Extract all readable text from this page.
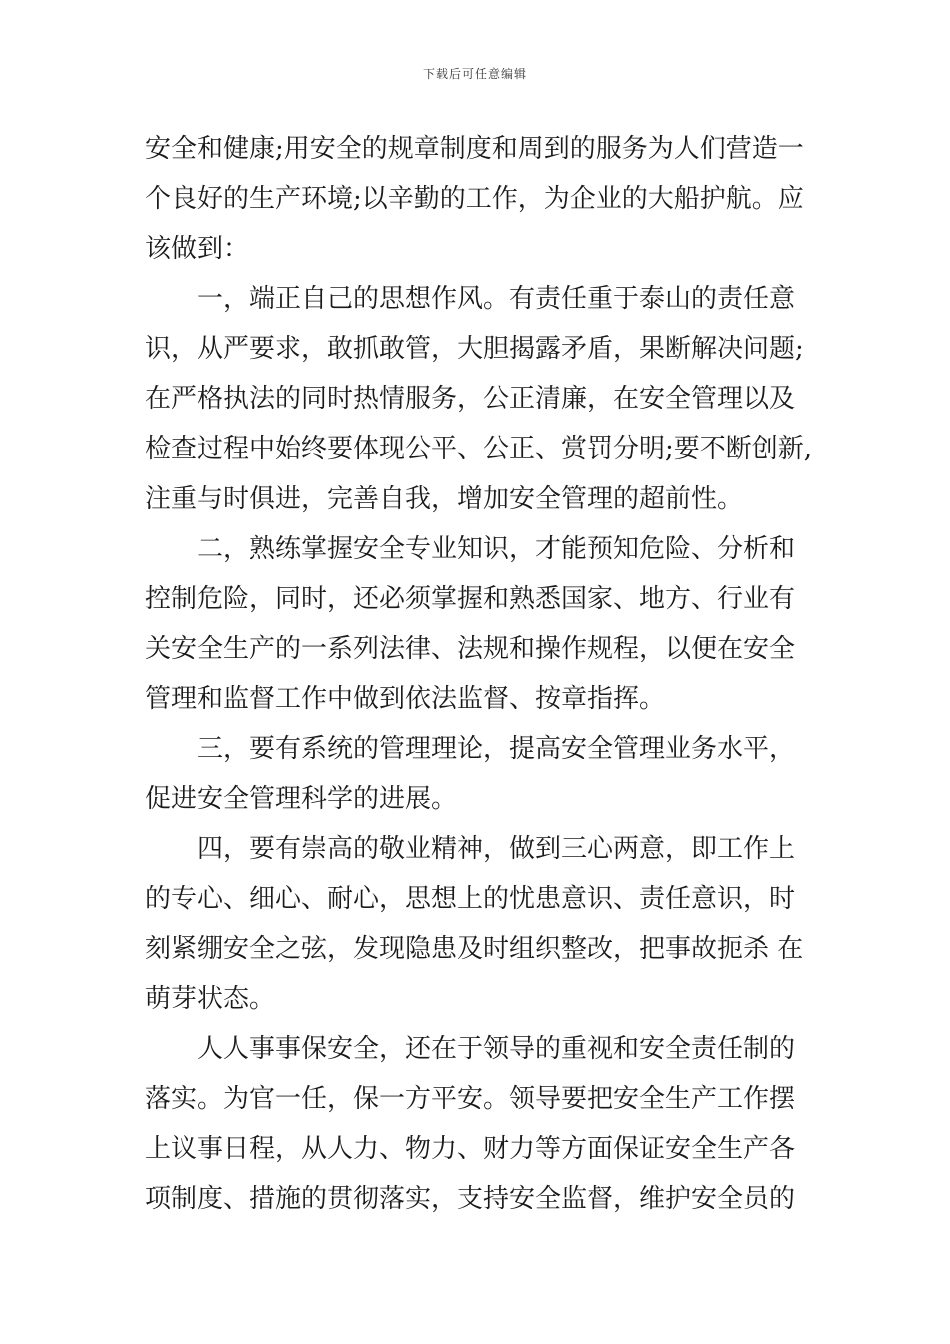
下载后可任意编辑
安全和健康;用安全的规章制度和周到的服务为人们营造一
个良好的生产环境;以辛勤的工作，为企业的大船护航。应
该做到：
一，端正自己的思想作风。有责任重于泰山的责任意
识，从严要求，敢抓敢管，大胆揭露矛盾，果断解决问题;
在严格执法的同时热情服务，公正清廉，在安全管理以及
检查过程中始终要体现公平、公正、赏罚分明;要不断创新,
注重与时俱进，完善自我，增加安全管理的超前性。
二，熟练掌握安全专业知识，才能预知危险、分析和
控制危险，同时，还必须掌握和熟悉国家、地方、行业有
关安全生产的一系列法律、法规和操作规程，以便在安全
管理和监督工作中做到依法监督、按章指挥。
三，要有系统的管理理论，提高安全管理业务水平，
促进安全管理科学的进展。
四，要有崇高的敬业精神，做到三心两意，即工作上
的专心、细心、耐心，思想上的忧患意识、责任意识，时
刻紧绷安全之弦，发现隐患及时组织整改，把事故扼杀 在
萌芽状态。
人人事事保安全，还在于领导的重视和安全责任制的
落实。为官一任，保一方平安。领导要把安全生产工作摆
上议事日程，从人力、物力、财力等方面保证安全生产各
项制度、措施的贯彻落实，支持安全监督，维护安全员的
